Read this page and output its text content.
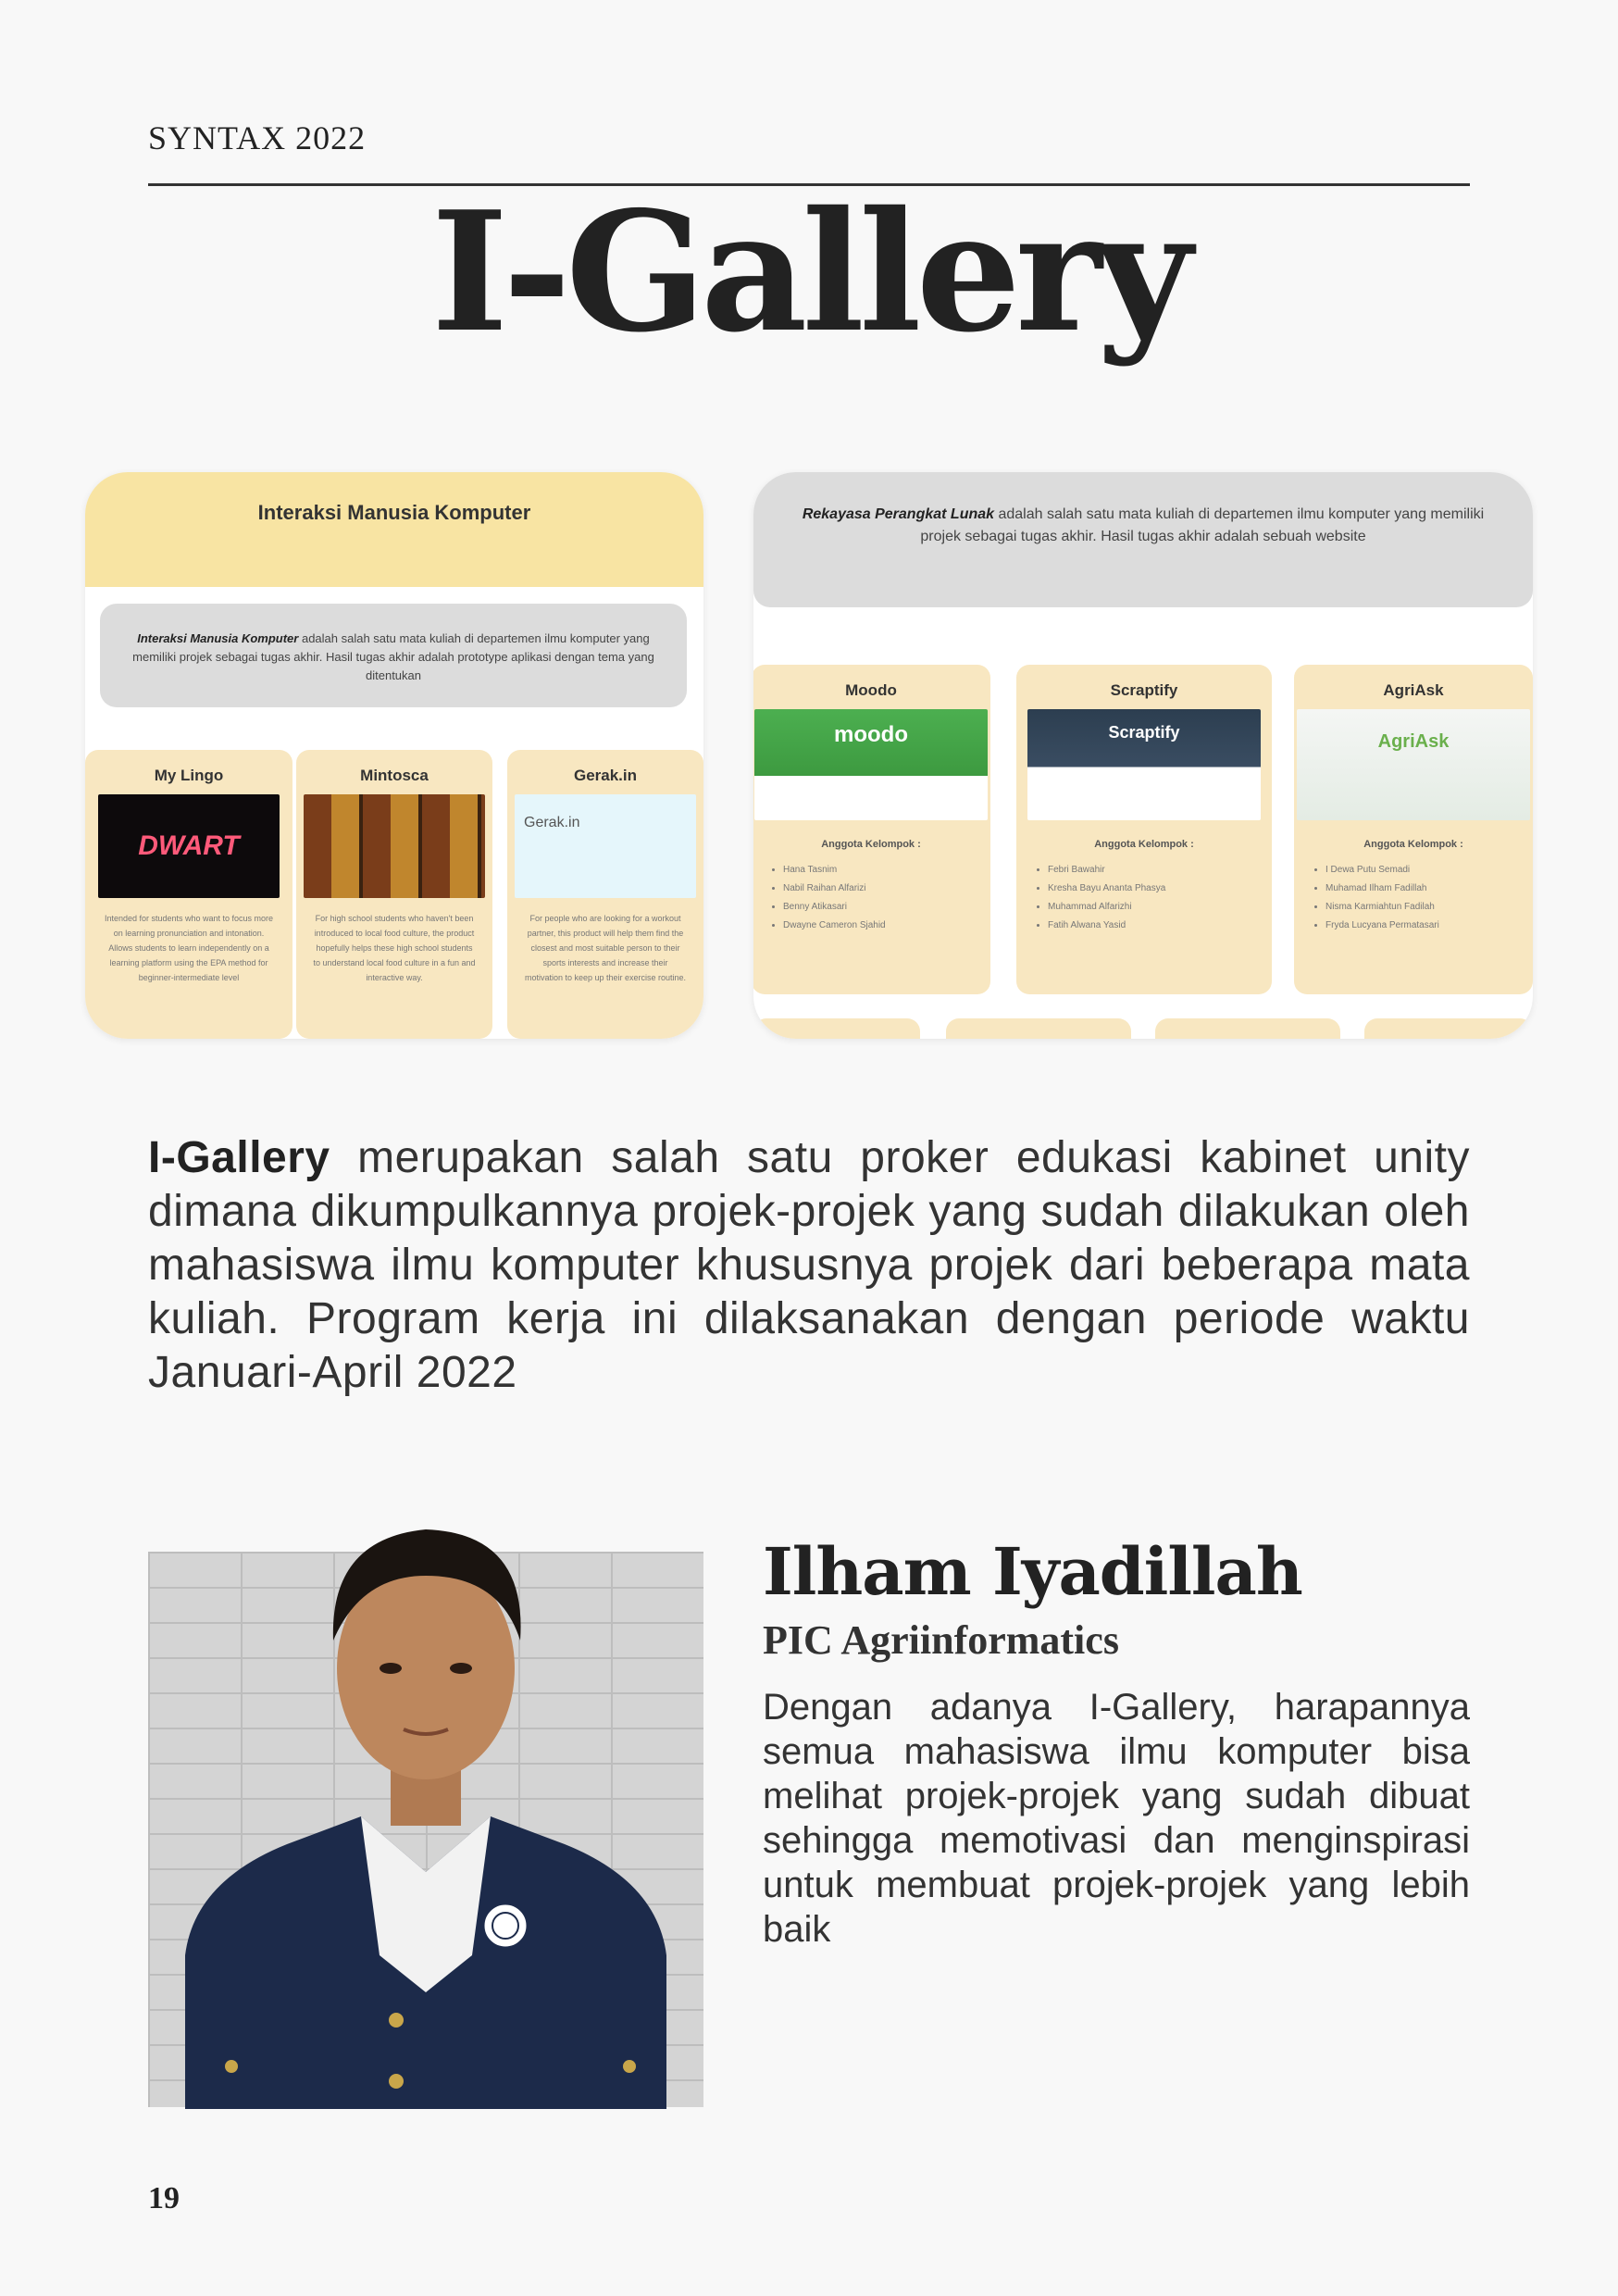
SYNTAX 2022
I-Gallery
Interaksi Manusia Komputer
Interaksi Manusia Komputer adalah salah satu mata kuliah di departemen ilmu komputer yang memiliki projek sebagai tugas akhir. Hasil tugas akhir adalah prototype aplikasi dengan tema yang ditentukan
My Lingo
DWART
Intended for students who want to focus more on learning pronunciation and intonation. Allows students to learn independently on a learning platform using the EPA method for beginner-intermediate level
Mintosca
For high school students who haven't been introduced to local food culture, the product hopefully helps these high school students to understand local food culture in a fun and interactive way.
Gerak.in
Gerak.in
For people who are looking for a workout partner, this product will help them find the closest and most suitable person to their sports interests and increase their motivation to keep up their exercise routine.
Rekayasa Perangkat Lunak adalah salah satu mata kuliah di departemen ilmu komputer yang memiliki projek sebagai tugas akhir. Hasil tugas akhir adalah sebuah website
Moodo
moodo
Anggota Kelompok :
• Hana Tasnim
• Nabil Raihan Alfarizi
• Benny Atikasari
• Dwayne Cameron Sjahid
Scraptify
Scraptify
Anggota Kelompok :
• Febri Bawahir
• Kresha Bayu Ananta Phasya
• Muhammad Alfarizhi
• Fatih Alwana Yasid
AgriAsk
AgriAsk
Anggota Kelompok :
• I Dewa Putu Semadi
• Muhamad Ilham Fadillah
• Nisma Karmiahtun Fadilah
• Fryda Lucyana Permatasari
I-Gallery merupakan salah satu proker edukasi kabinet unity dimana dikumpulkannya projek-projek yang sudah dilakukan oleh mahasiswa ilmu komputer khususnya projek dari beberapa mata kuliah. Program kerja ini dilaksanakan dengan periode waktu Januari-April 2022
Ilham Iyadillah
PIC Agriinformatics
Dengan adanya I-Gallery, harapannya semua mahasiswa ilmu komputer bisa melihat projek-projek yang sudah dibuat sehingga memotivasi dan menginspirasi untuk membuat projek-projek yang lebih baik
19
